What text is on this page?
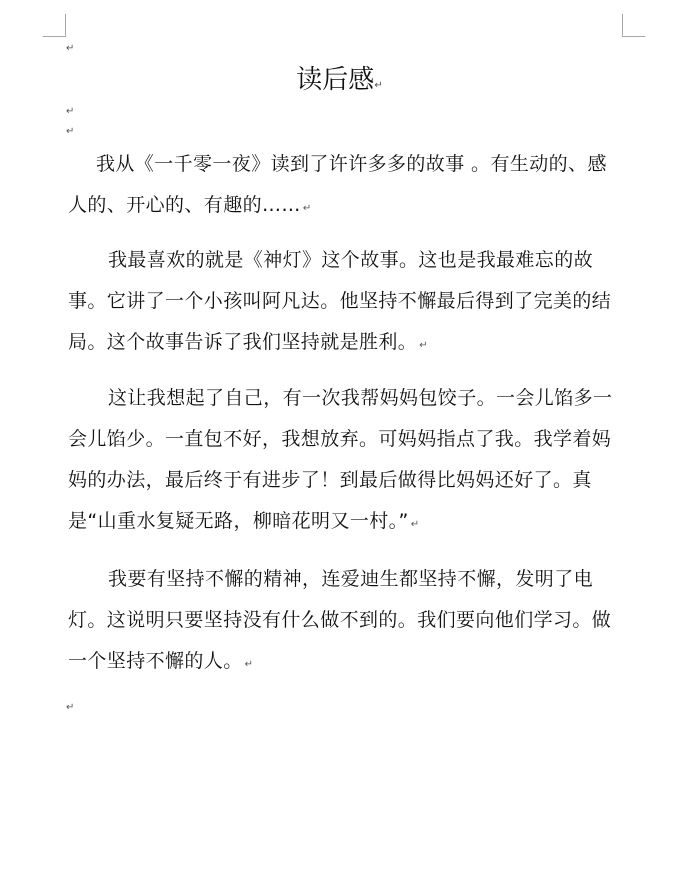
↵
读后感↵
↵
↵

我从《一千零一夜》读到了许许多多的故事 。有生动的、感人的、开心的、有趣的…… ↵

我最喜欢的就是《神灯》这个故事。这也是我最难忘的故事。它讲了一个小孩叫阿凡达。他坚持不懈最后得到了完美的结局。这个故事告诉了我们坚持就是胜利。 ↵

这让我想起了自己，有一次我帮妈妈包饺子。一会儿馅多一会儿馅少。一直包不好，我想放弃。可妈妈指点了我。我学着妈妈的办法，最后终于有进步了！到最后做得比妈妈还好了。真是“山重水复疑无路，柳暗花明又一村。” ↵

我要有坚持不懈的精神，连爱迪生都坚持不懈，发明了电灯。这说明只要坚持没有什么做不到的。我们要向他们学习。做一个坚持不懈的人。 ↵

↵
